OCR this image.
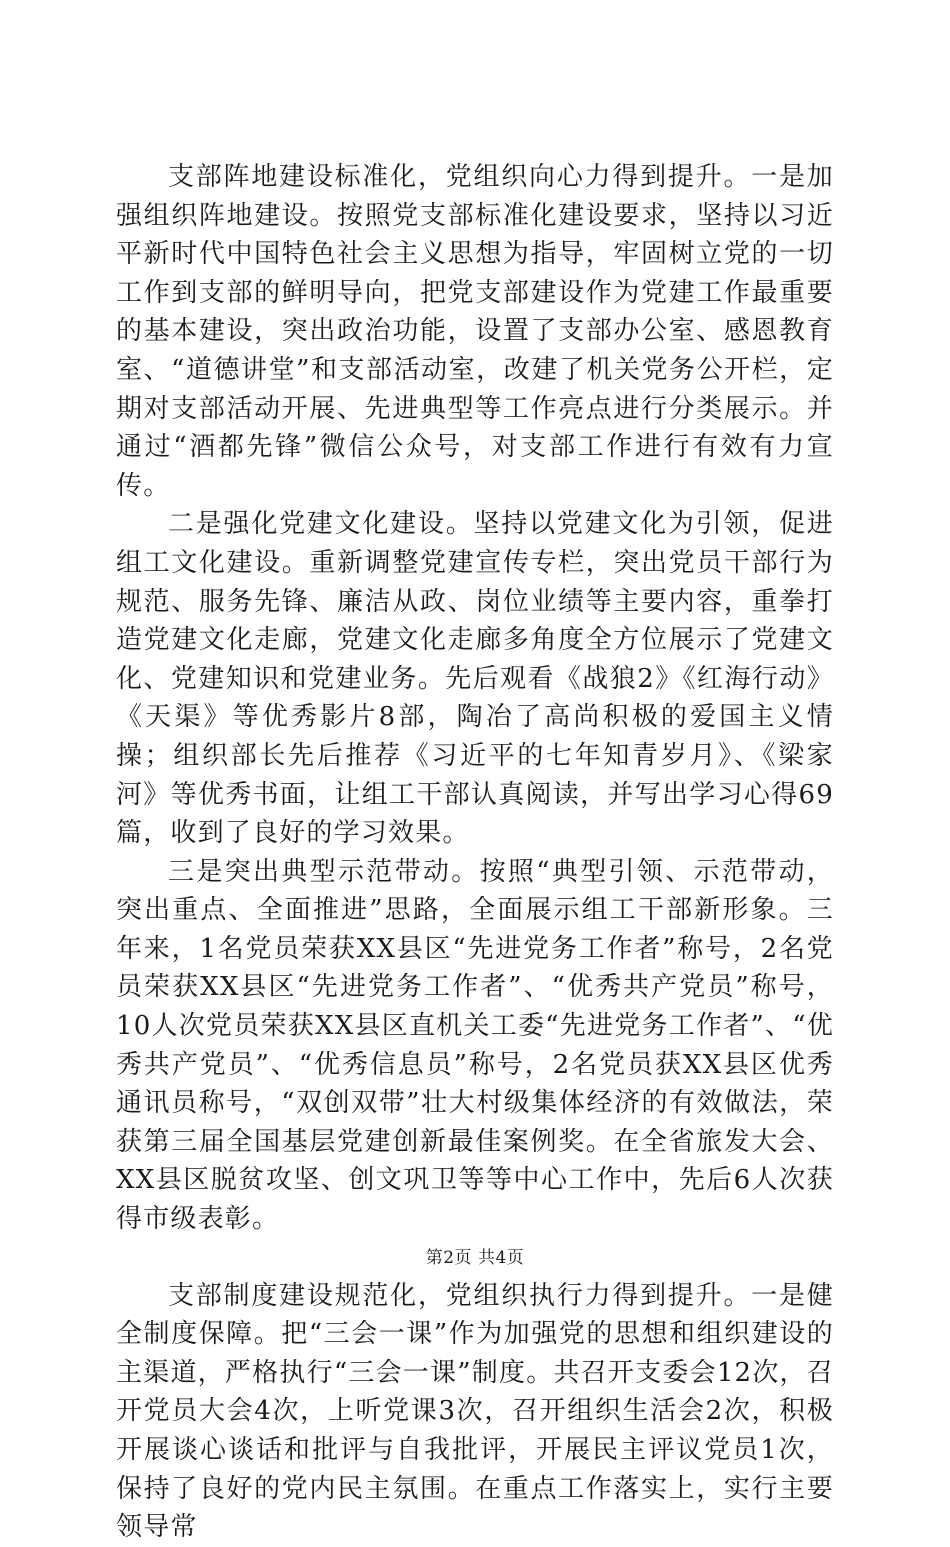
支部阵地建设标准化，党组织向心力得到提升。一是加强组织阵地建设。按照党支部标准化建设要求，坚持以习近平新时代中国特色社会主义思想为指导，牢固树立党的一切工作到支部的鲜明导向，把党支部建设作为党建工作最重要的基本建设，突出政治功能，设置了支部办公室、感恩教育室、“道德讲堂”和支部活动室，改建了机关党务公开栏，定期对支部活动开展、先进典型等工作亮点进行分类展示。并通过“酒都先锋”微信公众号，对支部工作进行有效有力宣传。

二是强化党建文化建设。坚持以党建文化为引领，促进组工文化建设。重新调整党建宣传专栏，突出党员干部行为规范、服务先锋、廉洁从政、岗位业绩等主要内容，重拳打造党建文化走廊，党建文化走廊多角度全方位展示了党建文化、党建知识和党建业务。先后观看《战狼2》《红海行动》《天渠》等优秀影片8部，陶冶了高尚积极的爱国主义情操；组织部长先后推荐《习近平的七年知青岁月》、《梁家河》等优秀书面，让组工干部认真阅读，并写出学习心得69篇，收到了良好的学习效果。

三是突出典型示范带动。按照“典型引领、示范带动，突出重点、全面推进”思路，全面展示组工干部新形象。三年来，1名党员荣获XX县区“先进党务工作者”称号，2名党员荣获XX县区“先进党务工作者”、“优秀共产党员”称号，10人次党员荣获XX县区直机关工委“先进党务工作者”、“优秀共产党员”、“优秀信息员”称号，2名党员获XX县区优秀通讯员称号，“双创双带”壮大村级集体经济的有效做法，荣获第三届全国基层党建创新最佳案例奖。在全省旅发大会、XX县区脱贫攻坚、创文巩卫等等中心工作中，先后6人次获得市级表彰。

支部制度建设规范化，党组织执行力得到提升。一是健全制度保障。把“三会一课”作为加强党的思想和组织建设的主渠道，严格执行“三会一课”制度。共召开支委会12次，召开党员大会4次，上听党课3次，召开组织生活会2次，积极开展谈心谈话和批评与自我批评，开展民主评议党员1次，保持了良好的党内民主氛围。在重点工作落实上，实行主要领导常

第2页 共4页
